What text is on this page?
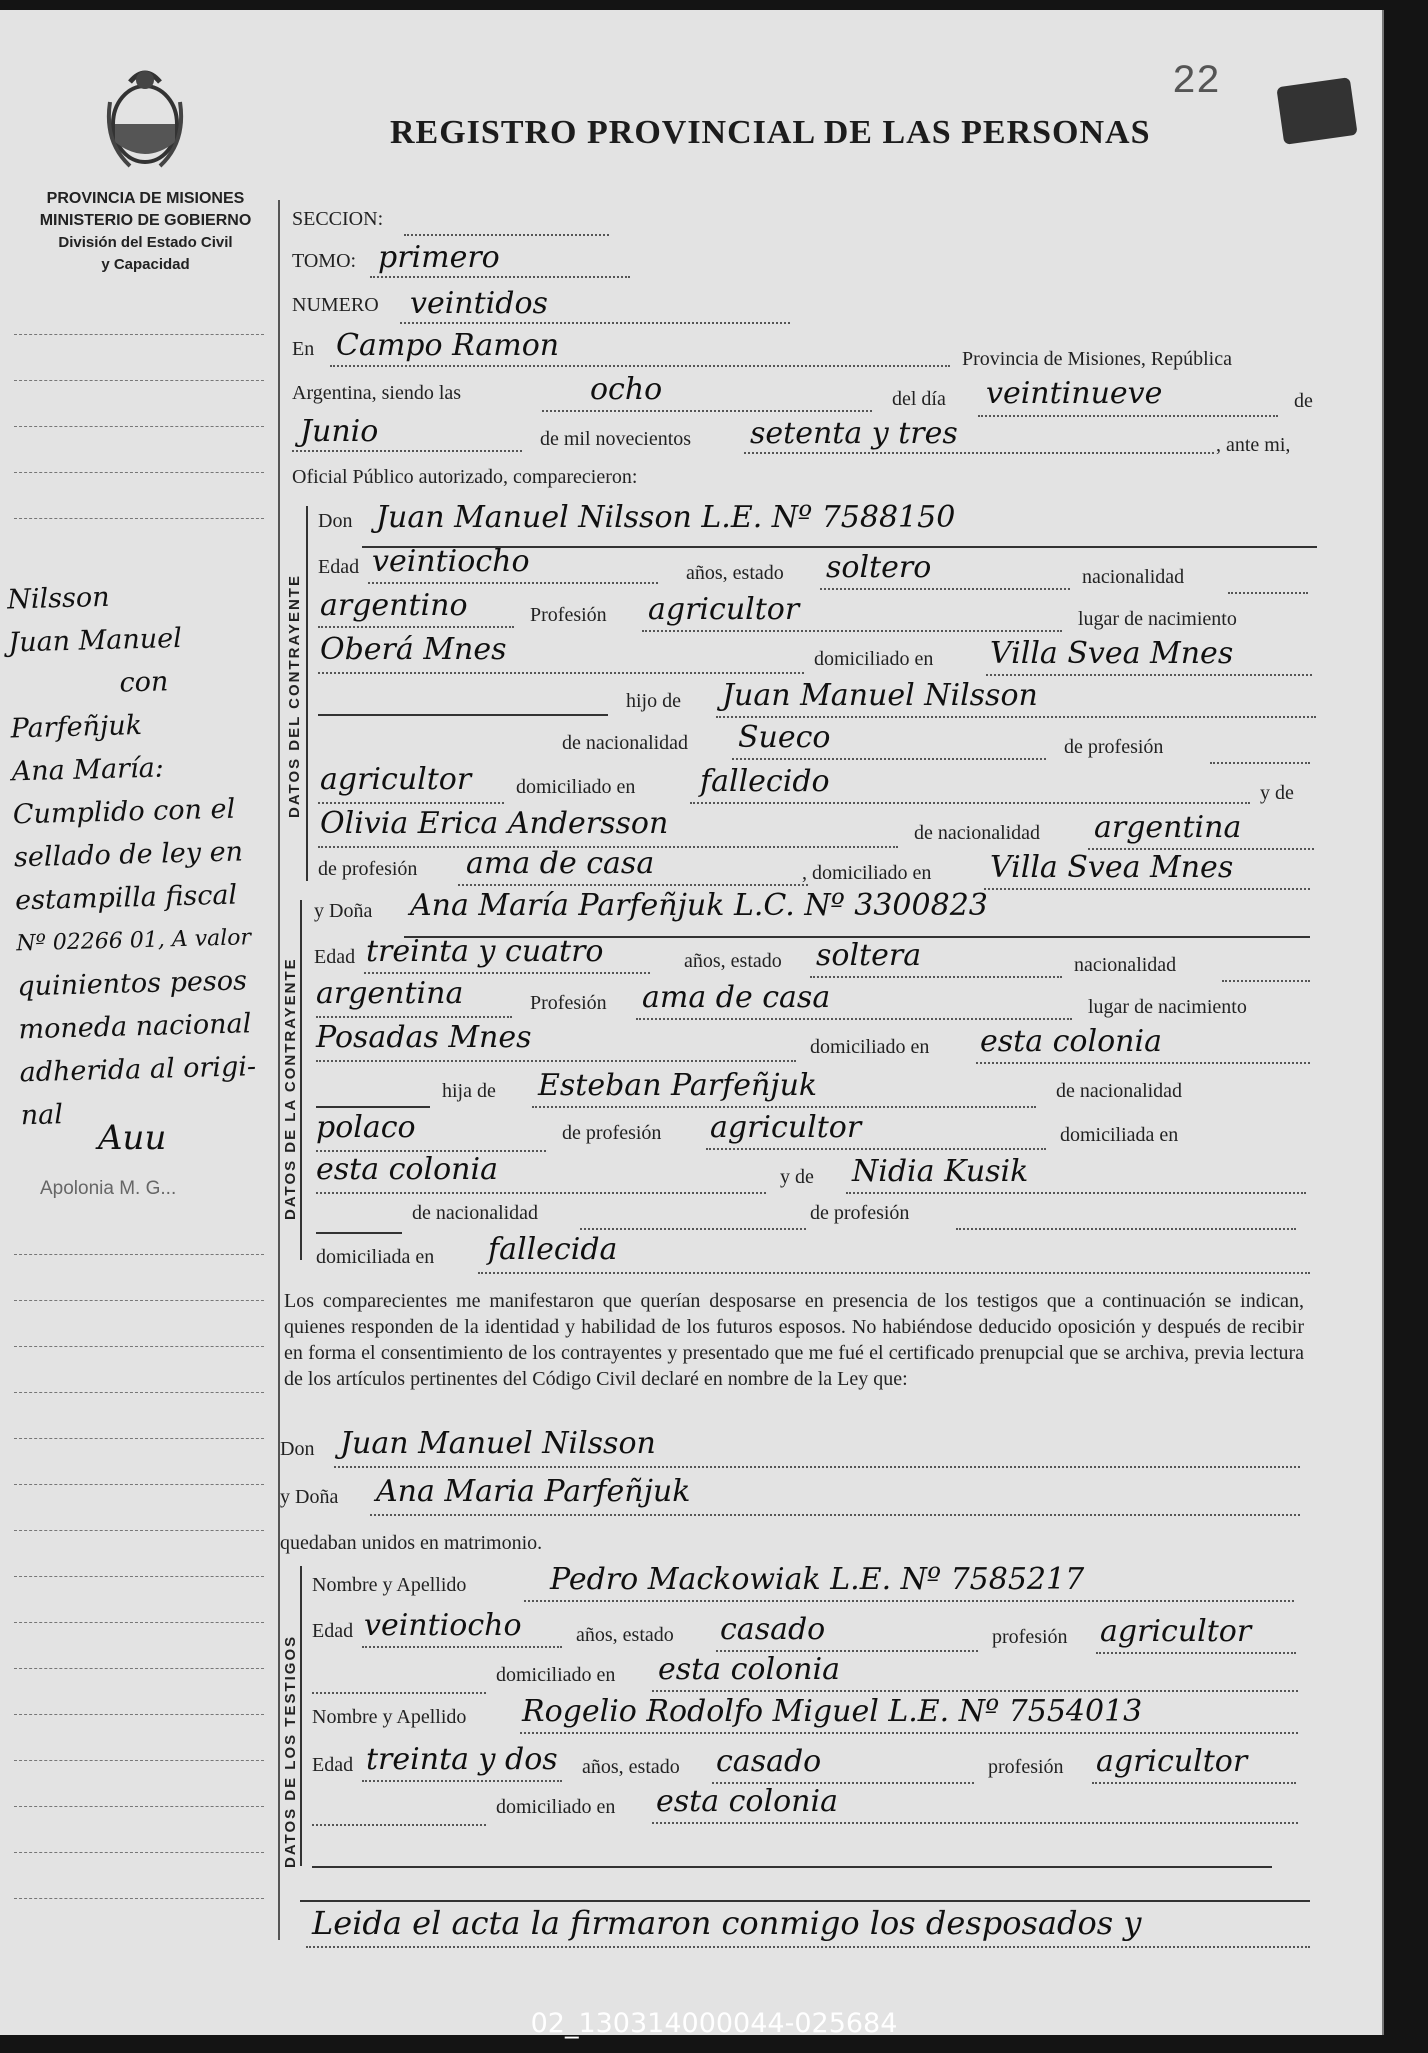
PROVINCIA DE MISIONES
MINISTERIO DE GOBIERNO
División del Estado Civil
y Capacidad
REGISTRO PROVINCIAL DE LAS PERSONAS
22
Nilsson
Juan Manuel
con
Parfeñjuk
Ana María:
Cumplido con el
sellado de ley en
estampilla fiscal
Nº 02266 01, A valor
quinientos pesos
moneda nacional
adherida al origi-
nal
Auu
Apolonia M. G...
SECCION:
TOMO: primero
NUMERO veintidos
En Campo Ramon	Provincia de Misiones, República
Argentina, siendo las	ocho	del día veintinueve	de
Junio	de mil novecientos setenta y tres	, ante mi,
Oficial Público autorizado, comparecieron:
DATOS DEL CONTRAYENTE
Don Juan Manuel Nilsson L.E. Nº 7588150
Edad veintiocho	años, estado soltero	nacionalidad
argentino	Profesión agricultor	lugar de nacimiento
Oberá Mnes	domiciliado en Villa Svea Mnes
hijo de Juan Manuel Nilsson
de nacionalidad Sueco	de profesión
agricultor domiciliado en fallecido	y de
Olivia Erica Andersson	de nacionalidad argentina
de profesión ama de casa	, domiciliado en Villa Svea Mnes
DATOS DE LA CONTRAYENTE
y Doña Ana María Parfeñjuk L.C. Nº 3300823
Edad treinta y cuatro	años, estado soltera	nacionalidad
argentina	Profesión ama de casa	lugar de nacimiento
Posadas Mnes	domiciliado en esta colonia
hija de Esteban Parfeñjuk	de nacionalidad
polaco	de profesión agricultor	domiciliada en
esta colonia	y de Nidia Kusik
de nacionalidad	de profesión
domiciliada en fallecida
Los comparecientes me manifestaron que querían desposarse en presencia de los testigos que a continuación se indican, quienes responden de la identidad y habilidad de los futuros esposos. No habiéndose deducido oposición y después de recibir en forma el consentimiento de los contrayentes y presentado que me fué el certificado prenupcial que se archiva, previa lectura de los artículos pertinentes del Código Civil declaré en nombre de la Ley que:
Don Juan Manuel Nilsson
y Doña Ana Maria Parfeñjuk
quedaban unidos en matrimonio.
DATOS DE LOS TESTIGOS
Nombre y Apellido	Pedro Mackowiak L.E. Nº 7585217
Edad veintiocho	años, estado casado	profesión agricultor
domiciliado en esta colonia
Nombre y Apellido Rogelio Rodolfo Miguel L.E. Nº 7554013
Edad treinta y dos años, estado casado	profesión agricultor
domiciliado en esta colonia
Leida el acta la firmaron conmigo los desposados y
02_130314000044-025684
